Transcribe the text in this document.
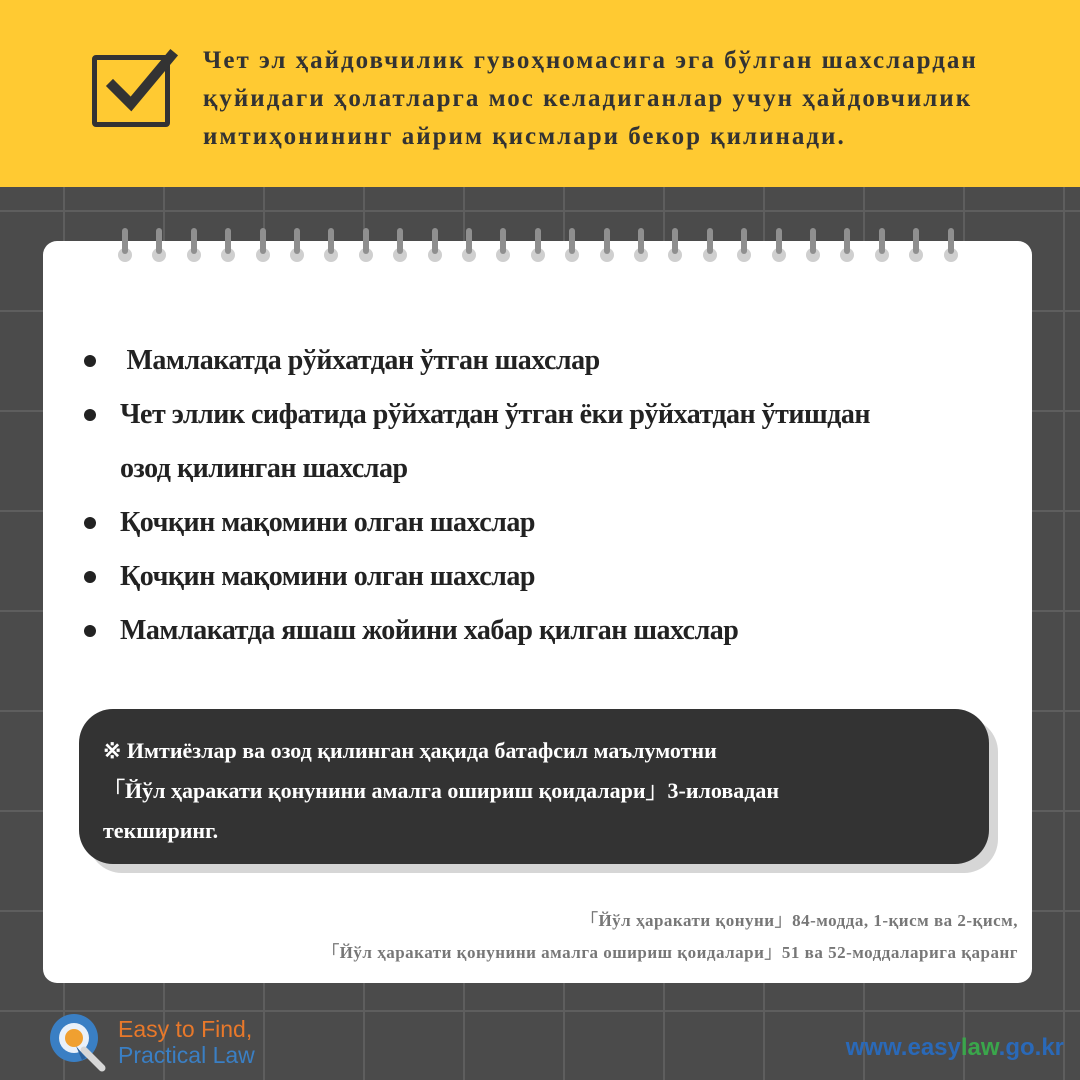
Чет эл ҳайдовчилик гувоҳномасига эга бўлган шахслардан
қуйидаги ҳолатларга мос келадиганлар учун ҳайдовчилик
имтиҳонининг айрим қисмлари бекор қилинади.
Мамлакатда рўйхатдан ўтган шахслар
Чет эллик сифатида рўйхатдан ўтган ёки рўйхатдан ўтишдан
озод қилинган шахслар
Қочқин мақомини олган шахслар
Қочқин мақомини олган шахслар
Мамлакатда яшаш жойини хабар қилган шахслар
※ Имтиёзлар ва озод қилинган ҳақида батафсил маълумотни
「Йўл ҳаракати қонунини амалга ошириш қоидалари」3-иловадан
текширинг.
「Йўл ҳаракати қонуни」84-модда, 1-қисм ва 2-қисм,
「Йўл ҳаракати қонунини амалга ошириш қоидалари」51 ва 52-моддаларига қаранг
Easy to Find,
Practical Law	www.easylaw.go.kr
